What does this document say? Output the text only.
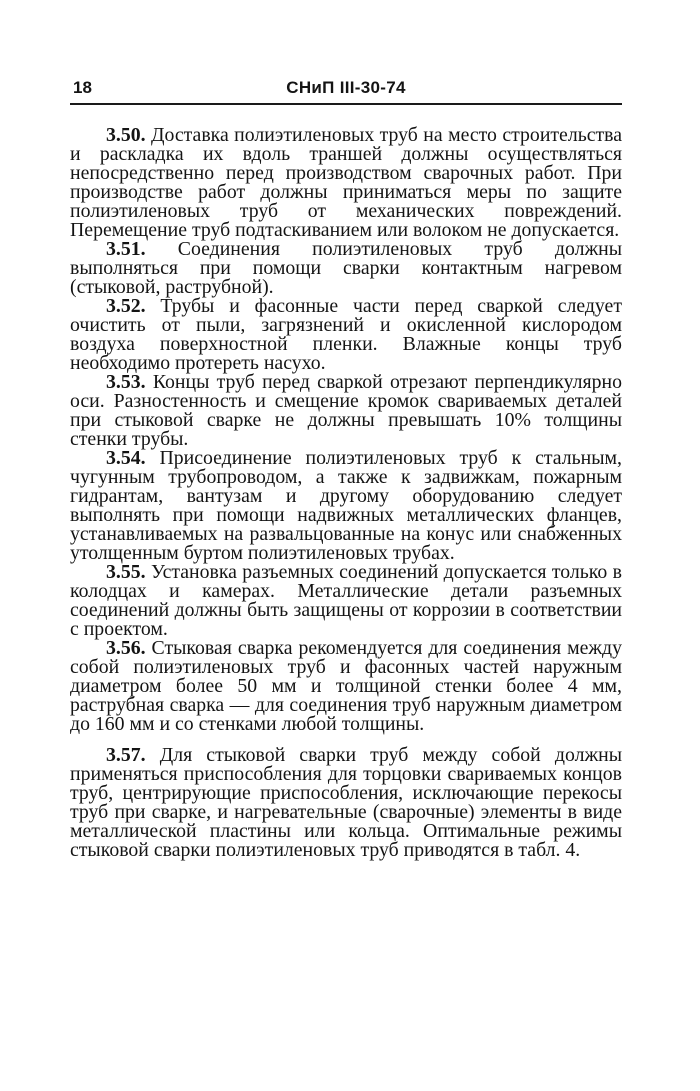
18	СНиП III-30-74

3.50. Доставка полиэтиленовых труб на место строительства и раскладка их вдоль траншей должны осуществляться непосредственно перед производством сварочных работ. При производстве работ должны приниматься меры по защите полиэтиленовых труб от механических повреждений. Перемещение труб подтаскиванием или волоком не допускается.

3.51. Соединения полиэтиленовых труб должны выполняться при помощи сварки контактным нагревом (стыковой, раструбной).

3.52. Трубы и фасонные части перед сваркой следует очистить от пыли, загрязнений и окисленной кислородом воздуха поверхностной пленки. Влажные концы труб необходимо протереть насухо.

3.53. Концы труб перед сваркой отрезают перпендикулярно оси. Разностенность и смещение кромок свариваемых деталей при стыковой сварке не должны превышать 10% толщины стенки трубы.

3.54. Присоединение полиэтиленовых труб к стальным, чугунным трубопроводом, а также к задвижкам, пожарным гидрантам, вантузам и другому оборудованию следует выполнять при помощи надвижных металлических фланцев, устанавливаемых на развальцованные на конус или снабженных утолщенным буртом полиэтиленовых трубах.

3.55. Установка разъемных соединений допускается только в колодцах и камерах. Металлические детали разъемных соединений должны быть защищены от коррозии в соответствии с проектом.

3.56. Стыковая сварка рекомендуется для соединения между собой полиэтиленовых труб и фасонных частей наружным диаметром более 50 мм и толщиной стенки более 4 мм, раструбная сварка — для соединения труб наружным диаметром до 160 мм и со стенками любой толщины.

3.57. Для стыковой сварки труб между собой должны применяться приспособления для торцовки свариваемых концов труб, центрирующие приспособления, исключающие перекосы труб при сварке, и нагревательные (сварочные) элементы в виде металлической пластины или кольца. Оптимальные режимы стыковой сварки полиэтиленовых труб приводятся в табл. 4.
